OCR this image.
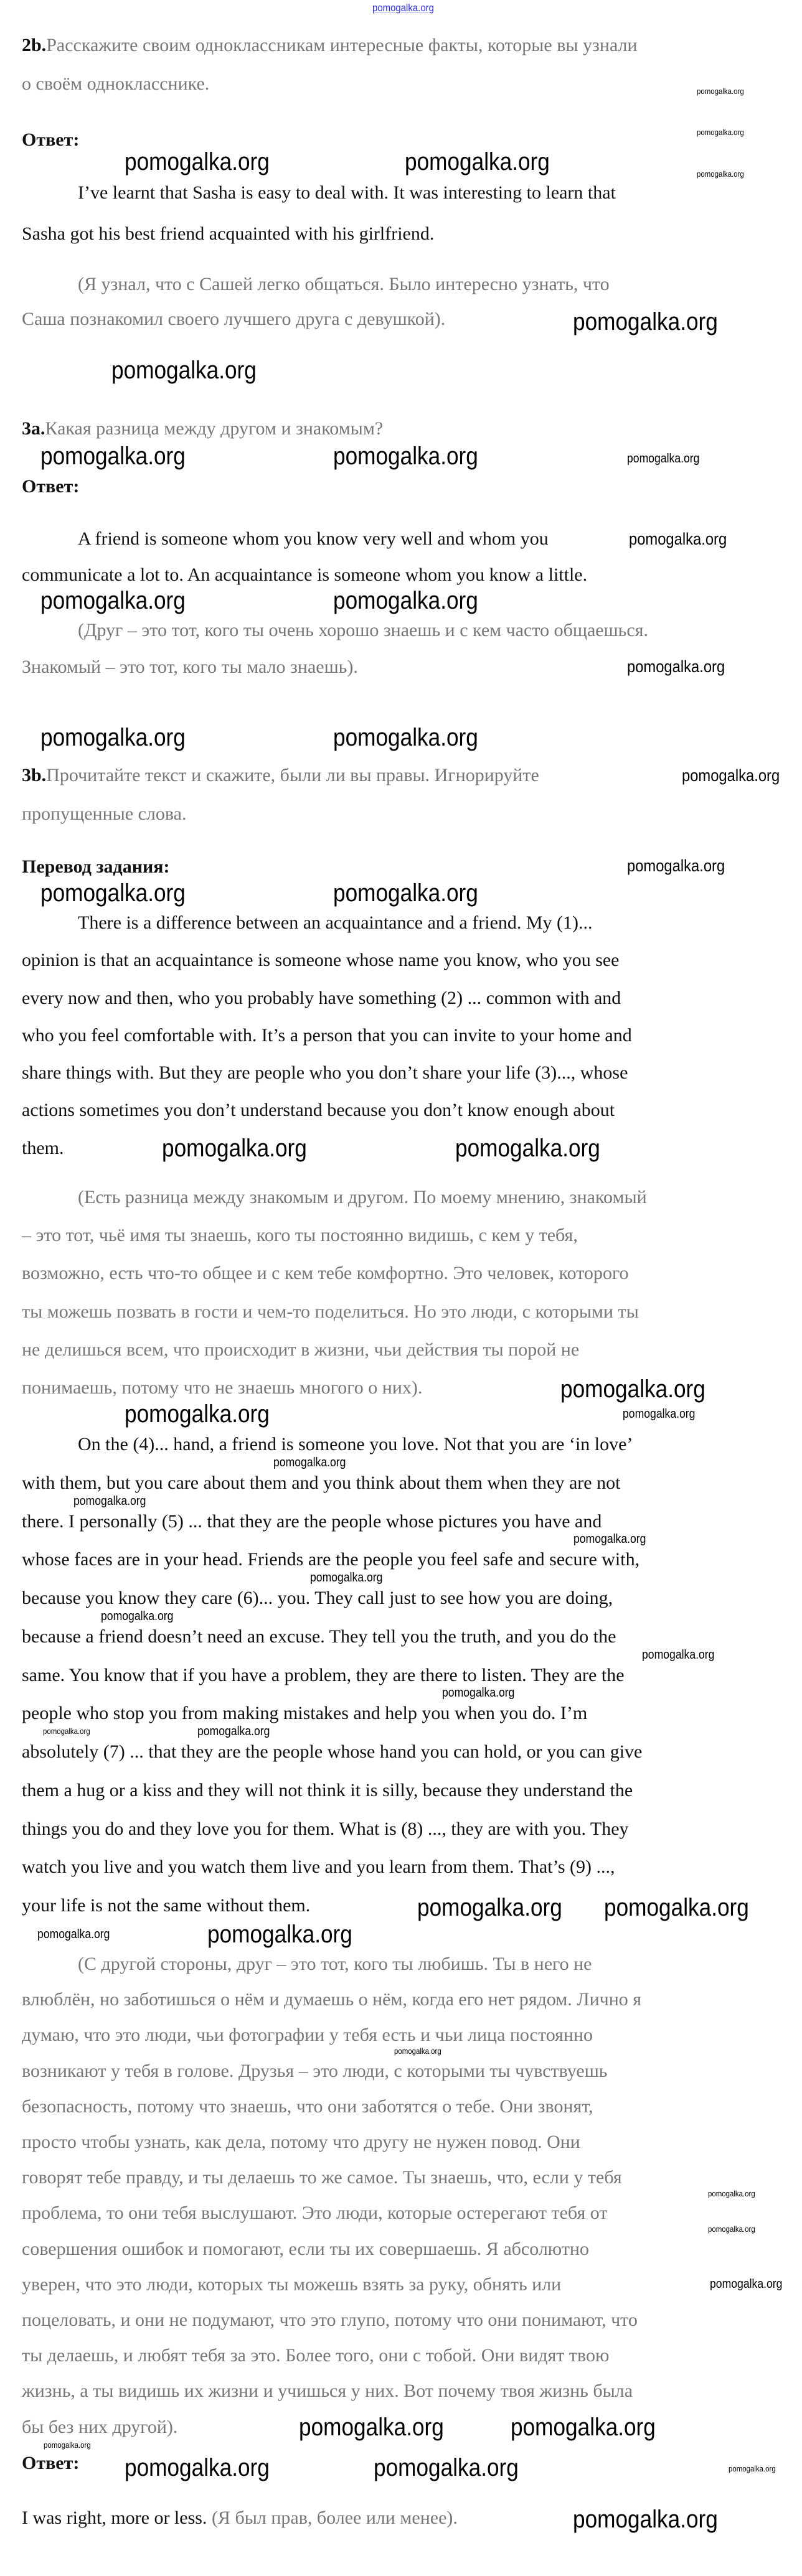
pomogalka.org
2b.Расскажите своим одноклассникам интересные факты, которые вы узнали
о своём однокласснике.
Ответ:
I’ve learnt that Sasha is easy to deal with. It was interesting to learn that
Sasha got his best friend acquainted with his girlfriend.
(Я узнал, что с Сашей легко общаться. Было интересно узнать, что
Саша познакомил своего лучшего друга с девушкой).
3a.Какая разница между другом и знакомым?
Ответ:
A friend is someone whom you know very well and whom you
communicate a lot to. An acquaintance is someone whom you know a little.
(Друг – это тот, кого ты очень хорошо знаешь и с кем часто общаешься.
Знакомый – это тот, кого ты мало знаешь).
3b.Прочитайте текст и скажите, были ли вы правы. Игнорируйте
пропущенные слова.
Перевод задания:
There is a difference between an acquaintance and a friend. My (1)...
opinion is that an acquaintance is someone whose name you know, who you see
every now and then, who you probably have something (2) ... common with and
who you feel comfortable with. It’s a person that you can invite to your home and
share things with. But they are people who you don’t share your life (3)..., whose
actions sometimes you don’t understand because you don’t know enough about
them.
(Есть разница между знакомым и другом. По моему мнению, знакомый
– это тот, чьё имя ты знаешь, кого ты постоянно видишь, с кем у тебя,
возможно, есть что-то общее и с кем тебе комфортно. Это человек, которого
ты можешь позвать в гости и чем-то поделиться. Но это люди, с которыми ты
не делишься всем, что происходит в жизни, чьи действия ты порой не
понимаешь, потому что не знаешь многого о них).
On the (4)... hand, a friend is someone you love. Not that you are ‘in love’
with them, but you care about them and you think about them when they are not
there. I personally (5) ... that they are the people whose pictures you have and
whose faces are in your head. Friends are the people you feel safe and secure with,
because you know they care (6)... you. They call just to see how you are doing,
because a friend doesn’t need an excuse. They tell you the truth, and you do the
same. You know that if you have a problem, they are there to listen. They are the
people who stop you from making mistakes and help you when you do. I’m
absolutely (7) ... that they are the people whose hand you can hold, or you can give
them a hug or a kiss and they will not think it is silly, because they understand the
things you do and they love you for them. What is (8) ..., they are with you. They
watch you live and you watch them live and you learn from them. That’s (9) ...,
your life is not the same without them.
(С другой стороны, друг – это тот, кого ты любишь. Ты в него не
влюблён, но заботишься о нём и думаешь о нём, когда его нет рядом. Лично я
думаю, что это люди, чьи фотографии у тебя есть и чьи лица постоянно
возникают у тебя в голове. Друзья – это люди, с которыми ты чувствуешь
безопасность, потому что знаешь, что они заботятся о тебе. Они звонят,
просто чтобы узнать, как дела, потому что другу не нужен повод. Они
говорят тебе правду, и ты делаешь то же самое. Ты знаешь, что, если у тебя
проблема, то они тебя выслушают. Это люди, которые остерегают тебя от
совершения ошибок и помогают, если ты их совершаешь. Я абсолютно
уверен, что это люди, которых ты можешь взять за руку, обнять или
поцеловать, и они не подумают, что это глупо, потому что они понимают, что
ты делаешь, и любят тебя за это. Более того, они с тобой. Они видят твою
жизнь, а ты видишь их жизни и учишься у них. Вот почему твоя жизнь была
бы без них другой).
Ответ:
I was right, more or less. (Я был прав, более или менее).
pomogalka.org
pomogalka.org
pomogalka.org
pomogalka.org	pomogalka.org
pomogalka.org
pomogalka.org
pomogalka.org	pomogalka.org	pomogalka.org
pomogalka.org
pomogalka.org	pomogalka.org
pomogalka.org
pomogalka.org	pomogalka.org
pomogalka.org
pomogalka.org
pomogalka.org	pomogalka.org
pomogalka.org	pomogalka.org
pomogalka.org	pomogalka.org
pomogalka.org
pomogalka.org
pomogalka.org
pomogalka.org
pomogalka.org
pomogalka.org
pomogalka.org
pomogalka.org
pomogalka.org	pomogalka.org
pomogalka.org pomogalka.org
pomogalka.org
pomogalka.org
pomogalka.org
pomogalka.org
pomogalka.org
pomogalka.org
pomogalka.org	pomogalka.org
pomogalka.org
pomogalka.org	pomogalka.org	pomogalka.org
pomogalka.org
